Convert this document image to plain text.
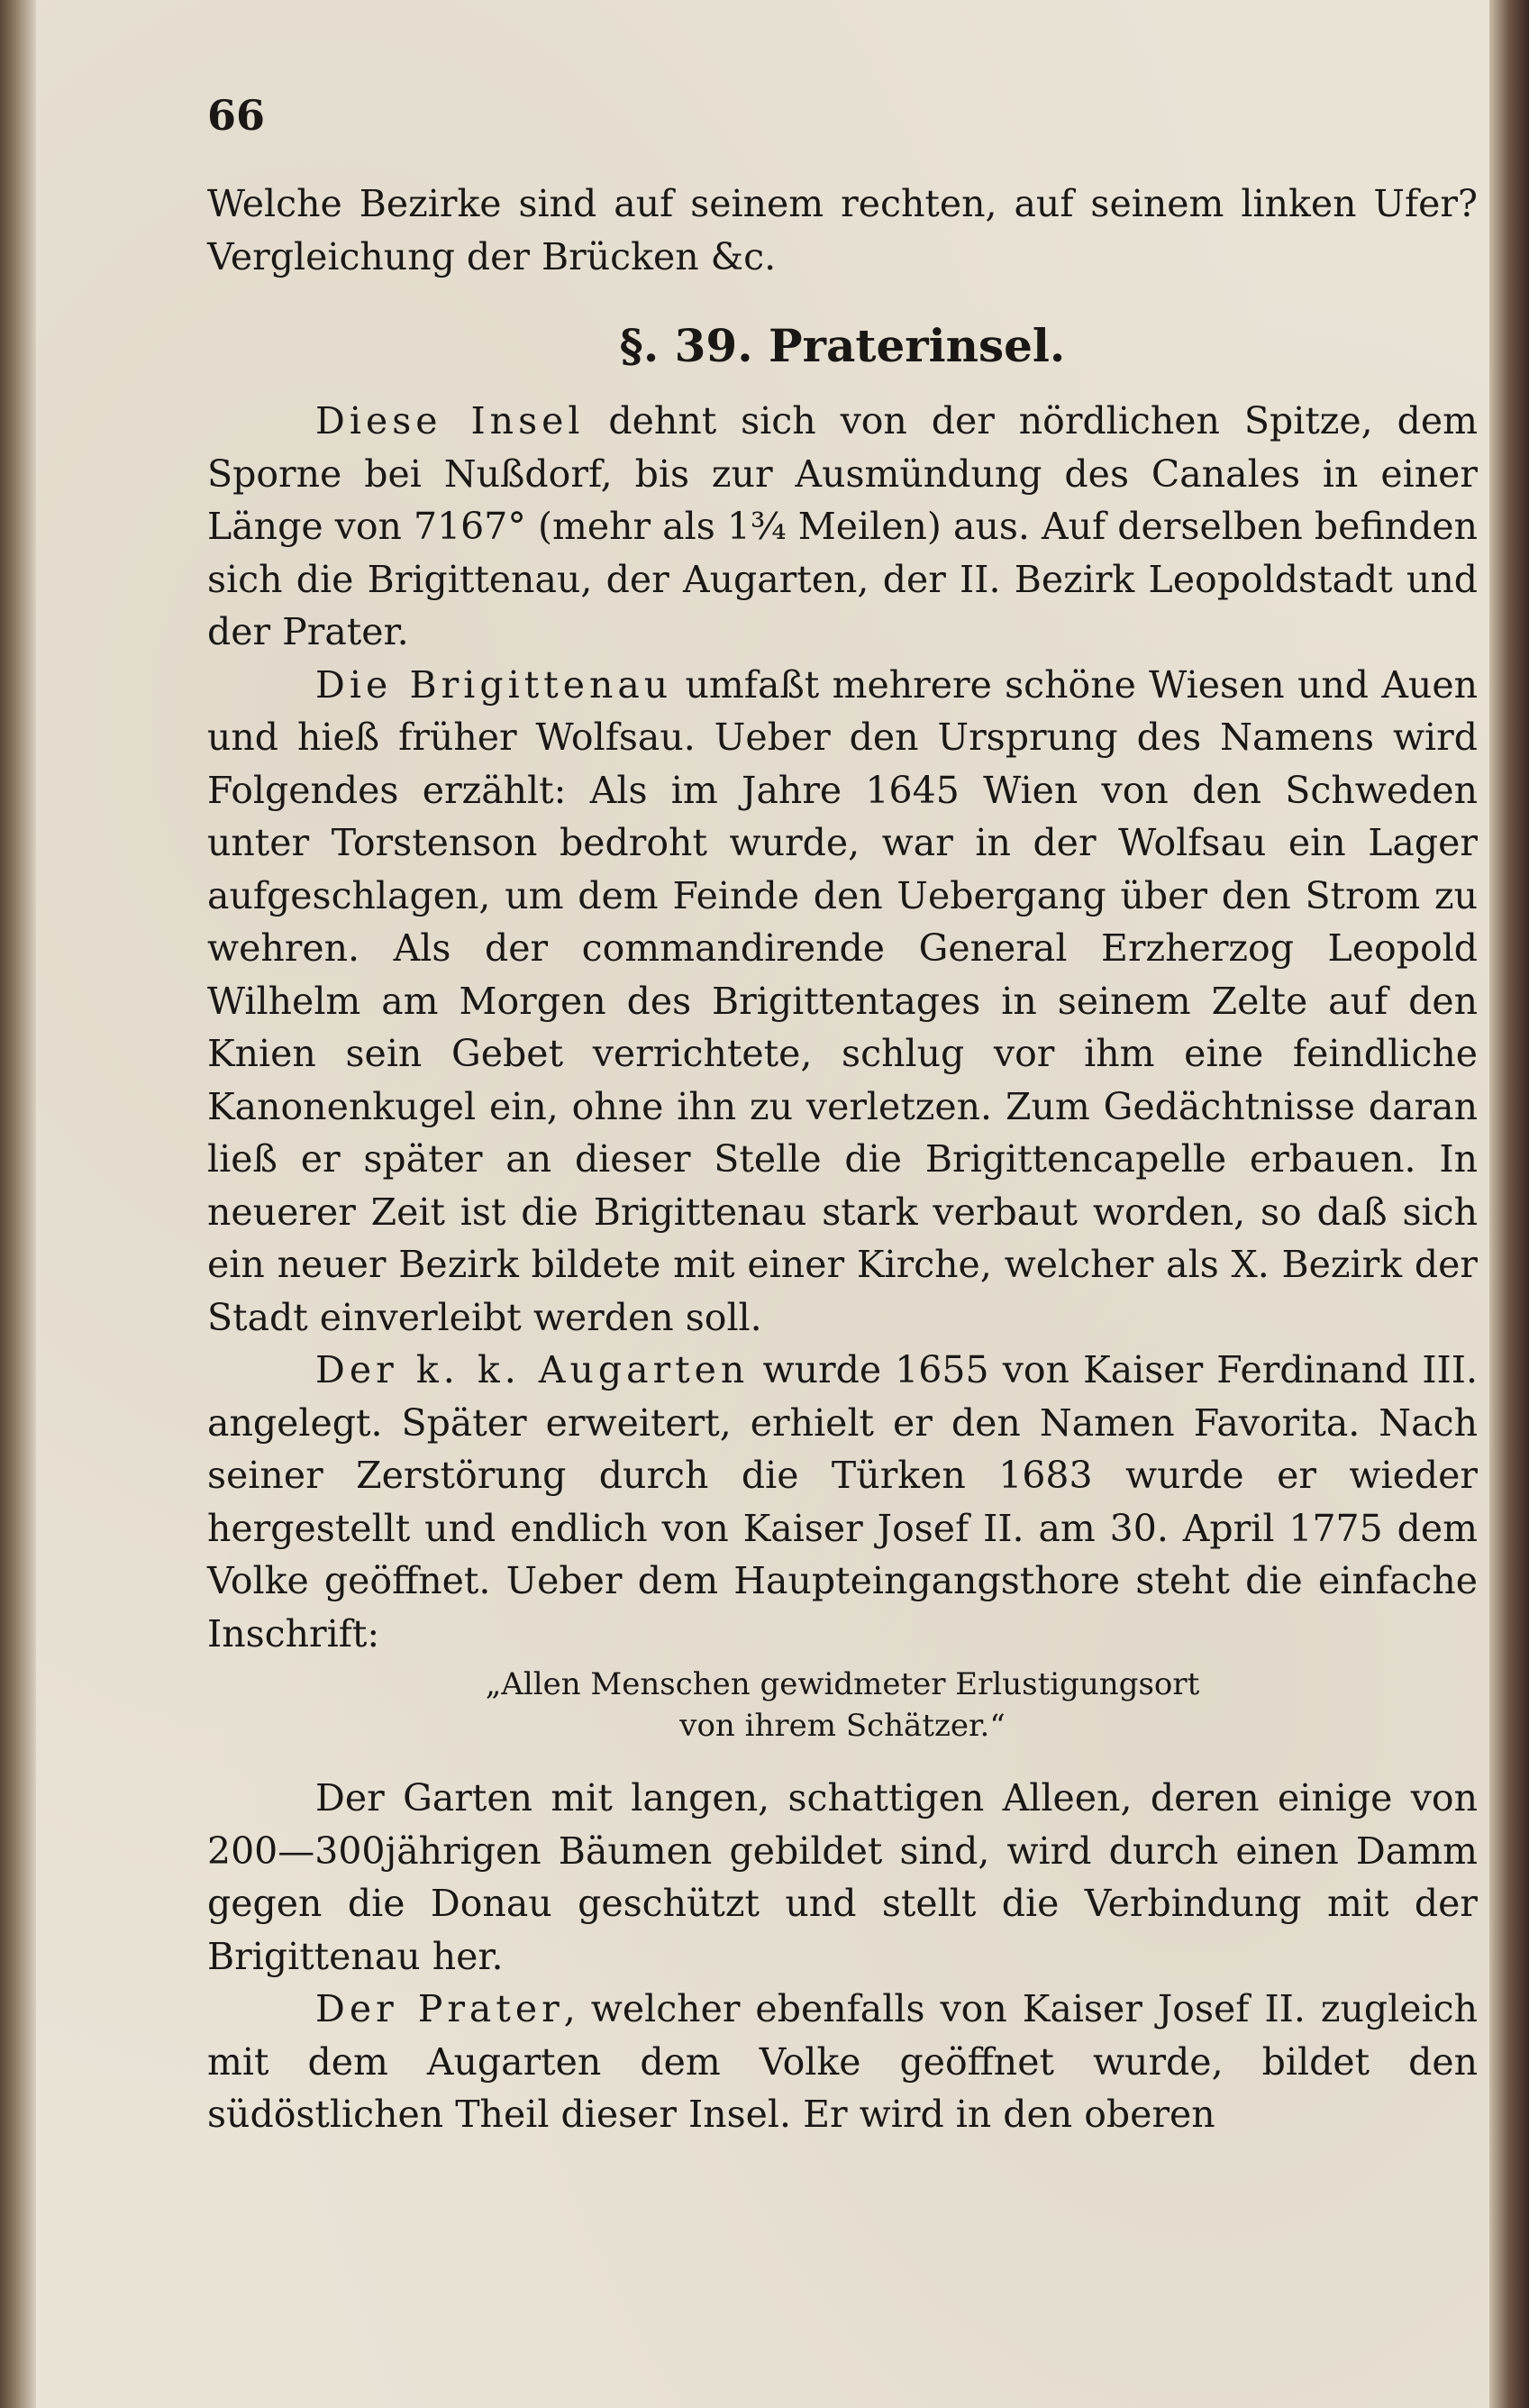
66

Welche Bezirke sind auf seinem rechten, auf seinem linken Ufer? Vergleichung der Brücken &c.

§. 39. Praterinsel.

Diese Insel dehnt sich von der nördlichen Spitze, dem Sporne bei Nußdorf, bis zur Ausmündung des Canales in einer Länge von 7167° (mehr als 1¾ Meilen) aus. Auf derselben befinden sich die Brigittenau, der Augarten, der II. Bezirk Leopoldstadt und der Prater.

Die Brigittenau umfaßt mehrere schöne Wiesen und Auen und hieß früher Wolfsau. Ueber den Ursprung des Namens wird Folgendes erzählt: Als im Jahre 1645 Wien von den Schweden unter Torstenson bedroht wurde, war in der Wolfsau ein Lager aufgeschlagen, um dem Feinde den Uebergang über den Strom zu wehren. Als der commandirende General Erzherzog Leopold Wilhelm am Morgen des Brigittentages in seinem Zelte auf den Knien sein Gebet verrichtete, schlug vor ihm eine feindliche Kanonenkugel ein, ohne ihn zu verletzen. Zum Gedächtnisse daran ließ er später an dieser Stelle die Brigittencapelle erbauen. In neuerer Zeit ist die Brigittenau stark verbaut worden, so daß sich ein neuer Bezirk bildete mit einer Kirche, welcher als X. Bezirk der Stadt einverleibt werden soll.

Der k. k. Augarten wurde 1655 von Kaiser Ferdinand III. angelegt. Später erweitert, erhielt er den Namen Favorita. Nach seiner Zerstörung durch die Türken 1683 wurde er wieder hergestellt und endlich von Kaiser Josef II. am 30. April 1775 dem Volke geöffnet. Ueber dem Haupteingangsthore steht die einfache Inschrift:

„Allen Menschen gewidmeter Erlustigungsort
von ihrem Schätzer.“

Der Garten mit langen, schattigen Alleen, deren einige von 200—300jährigen Bäumen gebildet sind, wird durch einen Damm gegen die Donau geschützt und stellt die Verbindung mit der Brigittenau her.

Der Prater, welcher ebenfalls von Kaiser Josef II. zugleich mit dem Augarten dem Volke geöffnet wurde, bildet den südöstlichen Theil dieser Insel. Er wird in den oberen
